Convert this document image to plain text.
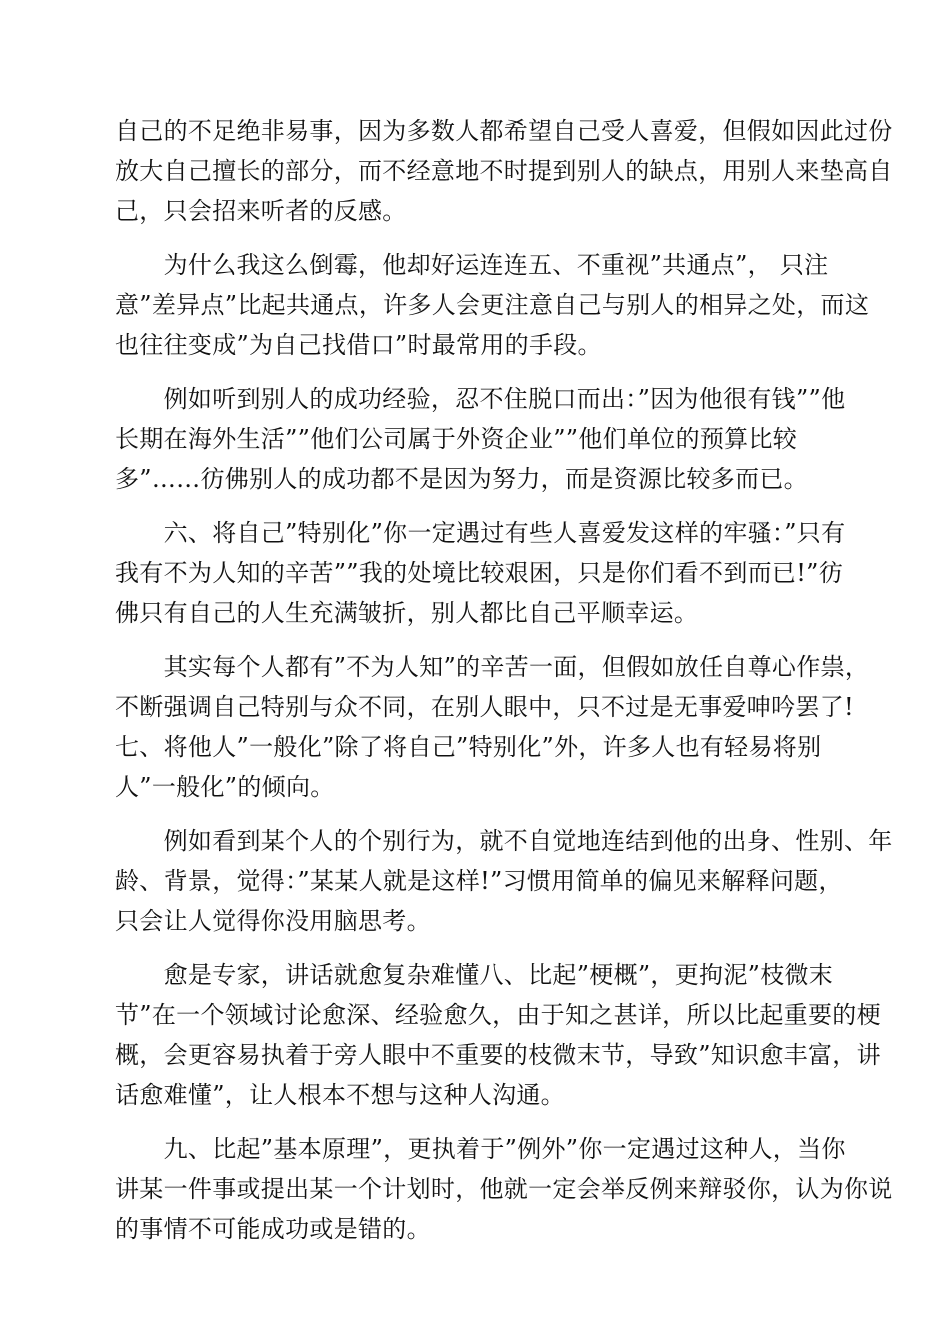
自己的不足绝非易事，因为多数人都希望自己受人喜爱，但假如因此过份
放大自己擅长的部分，而不经意地不时提到别人的缺点，用别人来垫高自
己，只会招来听者的反感。

　　为什么我这么倒霉，他却好运连连五、不重视”共通点”， 只注
意”差异点”比起共通点，许多人会更注意自己与别人的相异之处，而这
也往往变成”为自己找借口”时最常用的手段。

　　例如听到别人的成功经验，忍不住脱口而出：”因为他很有钱””他
长期在海外生活””他们公司属于外资企业””他们单位的预算比较
多”……彷佛别人的成功都不是因为努力，而是资源比较多而已。

　　六、将自己”特别化”你一定遇过有些人喜爱发这样的牢骚：”只有
我有不为人知的辛苦””我的处境比较艰困，只是你们看不到而已!”彷
佛只有自己的人生充满皱折，别人都比自己平顺幸运。

　　其实每个人都有”不为人知”的辛苦一面，但假如放任自尊心作祟，
不断强调自己特别与众不同，在别人眼中，只不过是无事爱呻吟罢了!
七、将他人”一般化”除了将自己”特别化”外，许多人也有轻易将别
人”一般化”的倾向。

　　例如看到某个人的个别行为，就不自觉地连结到他的出身、性别、年
龄、背景，觉得：”某某人就是这样!”习惯用简单的偏见来解释问题，
只会让人觉得你没用脑思考。

　　愈是专家，讲话就愈复杂难懂八、比起”梗概”，更拘泥”枝微末
节”在一个领域讨论愈深、经验愈久，由于知之甚详，所以比起重要的梗
概，会更容易执着于旁人眼中不重要的枝微末节，导致”知识愈丰富，讲
话愈难懂”，让人根本不想与这种人沟通。

　　九、比起”基本原理”，更执着于”例外”你一定遇过这种人，当你
讲某一件事或提出某一个计划时，他就一定会举反例来辩驳你，认为你说
的事情不可能成功或是错的。
